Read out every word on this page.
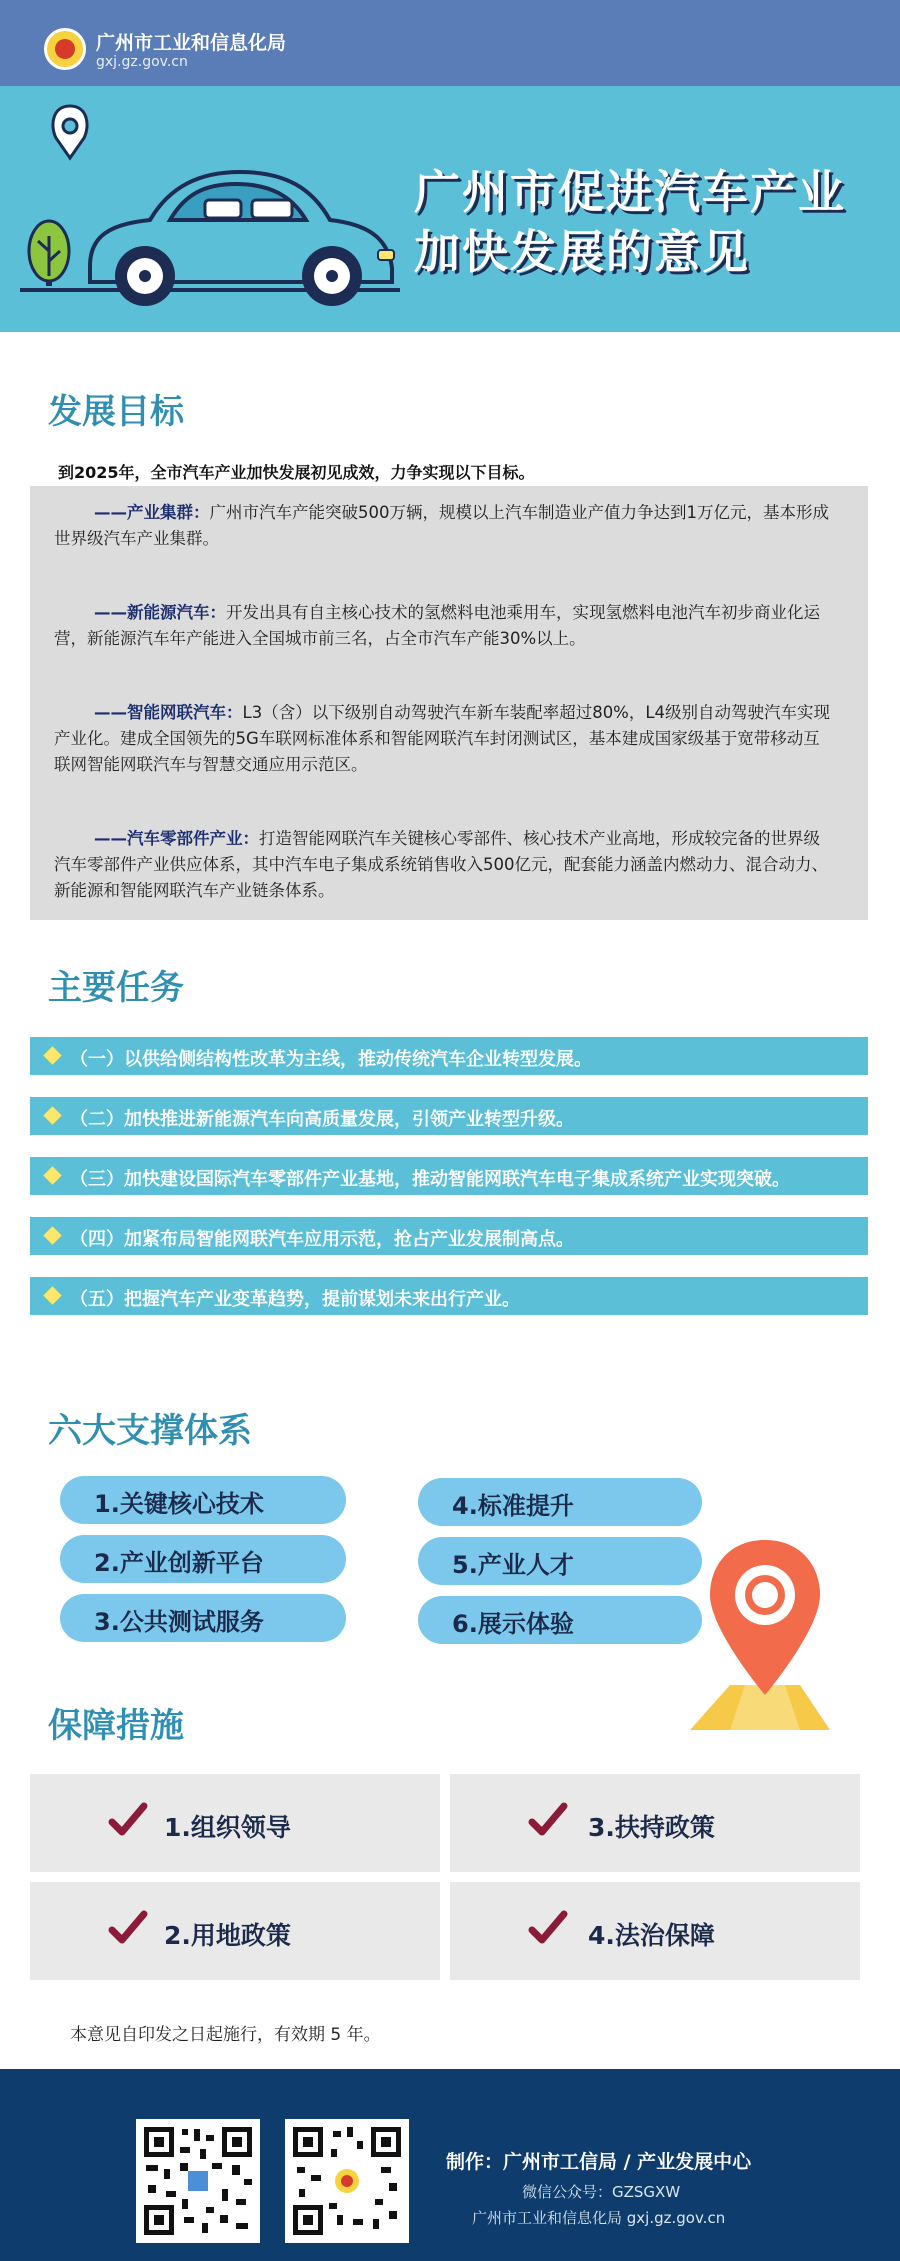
广州市工业和信息化局
gxj.gz.gov.cn
广州市促进汽车产业
加快发展的意见
发展目标
到2025年，全市汽车产业加快发展初见成效，力争实现以下目标。
——产业集群：广州市汽车产能突破500万辆，规模以上汽车制造业产值力争达到1万亿元，基本形成世界级汽车产业集群。
——新能源汽车：开发出具有自主核心技术的氢燃料电池乘用车，实现氢燃料电池汽车初步商业化运营，新能源汽车年产能进入全国城市前三名，占全市汽车产能30%以上。
——智能网联汽车：L3（含）以下级别自动驾驶汽车新车装配率超过80%，L4级别自动驾驶汽车实现产业化。建成全国领先的5G车联网标准体系和智能网联汽车封闭测试区，基本建成国家级基于宽带移动互联网智能网联汽车与智慧交通应用示范区。
——汽车零部件产业：打造智能网联汽车关键核心零部件、核心技术产业高地，形成较完备的世界级汽车零部件产业供应体系，其中汽车电子集成系统销售收入500亿元，配套能力涵盖内燃动力、混合动力、新能源和智能网联汽车产业链条体系。
主要任务
（一）以供给侧结构性改革为主线，推动传统汽车企业转型发展。
（二）加快推进新能源汽车向高质量发展，引领产业转型升级。
（三）加快建设国际汽车零部件产业基地，推动智能网联汽车电子集成系统产业实现突破。
（四）加紧布局智能网联汽车应用示范，抢占产业发展制高点。
（五）把握汽车产业变革趋势，提前谋划未来出行产业。
六大支撑体系
1.关键核心技术
2.产业创新平台
3.公共测试服务
4.标准提升
5.产业人才
6.展示体验
保障措施
1.组织领导	3.扶持政策
2.用地政策	4.法治保障
本意见自印发之日起施行，有效期 5 年。
制作：广州市工信局 / 产业发展中心
微信公众号：GZSGXW
广州市工业和信息化局 gxj.gz.gov.cn
